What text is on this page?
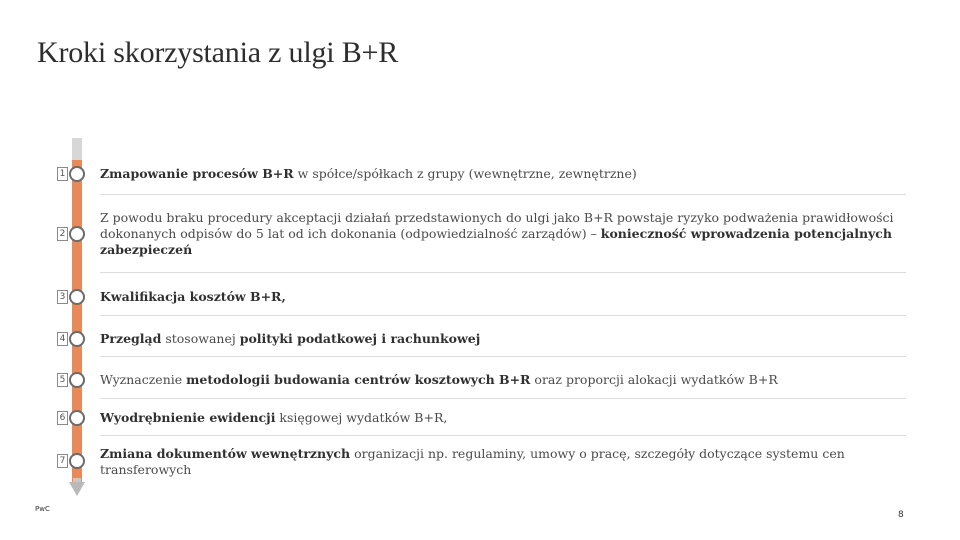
Kroki skorzystania z ulgi B+R
1	Zmapowanie procesów B+R w spółce/spółkach z grupy (wewnętrzne, zewnętrzne)
2
Z powodu braku procedury akceptacji działań przedstawionych do ulgi jako B+R powstaje ryzyko podważenia prawidłowości dokonanych odpisów do 5 lat od ich dokonania (odpowiedzialność zarządów) – konieczność wprowadzenia potencjalnych zabezpieczeń
3	Kwalifikacja kosztów B+R,
4	Przegląd stosowanej polityki podatkowej i rachunkowej
5	Wyznaczenie metodologii budowania centrów kosztowych B+R oraz proporcji alokacji wydatków B+R
6	Wyodrębnienie ewidencji księgowej wydatków B+R,
7	Zmiana dokumentów wewnętrznych organizacji np. regulaminy, umowy o pracę, szczegóły dotyczące systemu cen transferowych
PwC
8
